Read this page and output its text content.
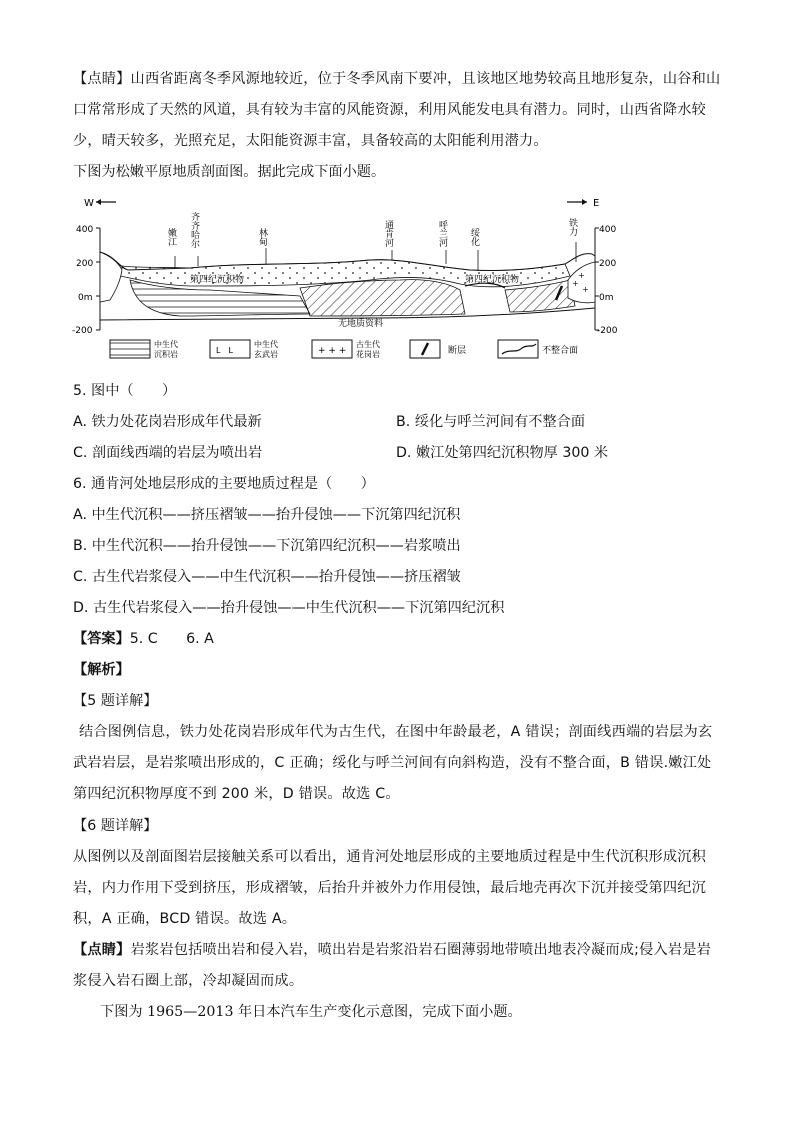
【点睛】山西省距离冬季风源地较近，位于冬季风南下要冲，且该地区地势较高且地形复杂，山谷和山口常常形成了天然的风道，具有较为丰富的风能资源，利用风能发电具有潜力。同时，山西省降水较少，晴天较多，光照充足，太阳能资源丰富，具备较高的太阳能利用潜力。

下图为松嫩平原地质剖面图。据此完成下面小题。
W	E
400
200
0m
-200
400
200
0m
-200
+
+
+
嫩江 齐齐哈尔	林甸	通肯河	呼兰河 绥化
铁力
第四纪沉积物	第四纪沉积物
无地质资料
中生代
沉积岩	L　L
中生代
玄武岩	+ + +
古生代
花岗岩	断层	不整合面
5. 图中（　　）
A. 铁力处花岗岩形成年代最新	B. 绥化与呼兰河间有不整合面
C. 剖面线西端的岩层为喷出岩	D. 嫩江处第四纪沉积物厚 300 米
6. 通肯河处地层形成的主要地质过程是（　　）
A. 中生代沉积——挤压褶皱——抬升侵蚀——下沉第四纪沉积
B. 中生代沉积——抬升侵蚀——下沉第四纪沉积——岩浆喷出
C. 古生代岩浆侵入——中生代沉积——抬升侵蚀——挤压褶皱
D. 古生代岩浆侵入——抬升侵蚀——中生代沉积——下沉第四纪沉积
【答案】5. C　　6. A
【解析】
【5 题详解】

结合图例信息，铁力处花岗岩形成年代为古生代，在图中年龄最老，A 错误；剖面线西端的岩层为玄武岩岩层，是岩浆喷出形成的，C 正确；绥化与呼兰河间有向斜构造，没有不整合面，B 错误.嫩江处第四纪沉积物厚度不到 200 米，D 错误。故选 C。

【6 题详解】

从图例以及剖面图岩层接触关系可以看出，通肯河处地层形成的主要地质过程是中生代沉积形成沉积岩，内力作用下受到挤压，形成褶皱，后抬升并被外力作用侵蚀，最后地壳再次下沉并接受第四纪沉积，A 正确，BCD 错误。故选 A。

【点睛】岩浆岩包括喷出岩和侵入岩，喷出岩是岩浆沿岩石圈薄弱地带喷出地表冷凝而成;侵入岩是岩浆侵入岩石圈上部，冷却凝固而成。

下图为 1965—2013 年日本汽车生产变化示意图，完成下面小题。
